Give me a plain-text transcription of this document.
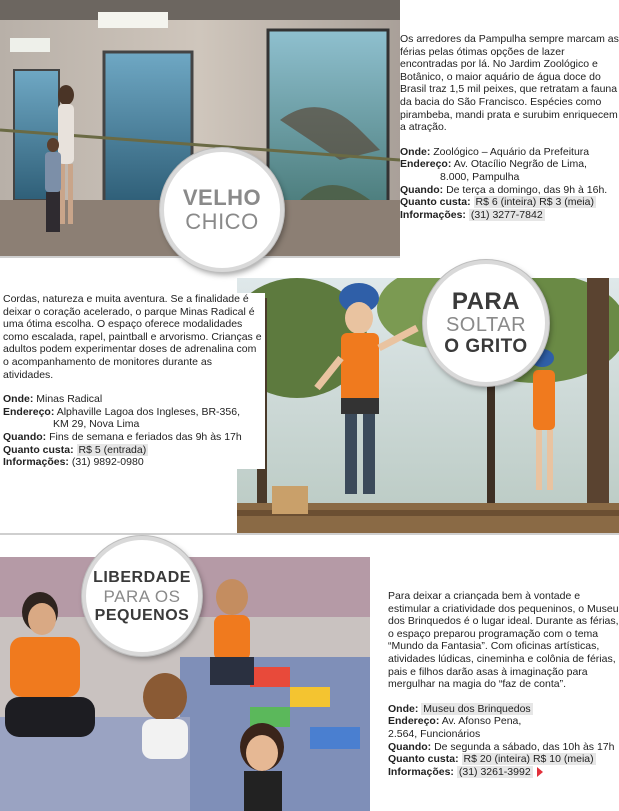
Os arredores da Pampulha sempre marcam as férias pelas ótimas opções de lazer encontradas por lá. No Jardim Zoológico e Botânico, o maior aquário de água doce do Brasil traz 1,5 mil peixes, que retratam a fauna da bacia do São Francisco. Espécies como pirambeba, mandi prata e surubim enriquecem a atração.

Onde: Zoológico – Aquário da Prefeitura
Endereço: Av. Otacílio Negrão de Lima,
8.000, Pampulha
Quando: De terça a domingo, das 9h à 16h.
Quanto custa: R$ 6 (inteira) R$ 3 (meia)
Informações: (31) 3277-7842
VELHO
CHICO

Cordas, natureza e muita aventura. Se a finalidade é deixar o coração acelerado, o parque Minas Radical é uma ótima escolha. O espaço oferece modalidades como escalada, rapel, paintball e arvorismo. Crianças e adultos podem experimentar doses de adrenalina com o acompanhamento de monitores durante as atividades.

Onde: Minas Radical
Endereço: Alphaville Lagoa dos Ingleses, BR-356,
KM 29, Nova Lima
Quando: Fins de semana e feriados das 9h às 17h
Quanto custa: R$ 5 (entrada)
Informações: (31) 9892-0980
PARA
SOLTAR
O GRITO

Para deixar a criançada bem à vontade e estimular a criatividade dos pequeninos, o Museu dos Brinquedos é o lugar ideal. Durante as férias, o espaço preparou programação com o tema “Mundo da Fantasia”. Com oficinas artísticas, atividades lúdicas, cineminha e colônia de férias, pais e filhos darão asas à imaginação para mergulhar na magia do “faz de conta”.

Onde: Museu dos Brinquedos
Endereço: Av. Afonso Pena,
2.564, Funcionários
Quando: De segunda a sábado, das 10h às 17h
Quanto custa: R$ 20 (inteira) R$ 10 (meia)
Informações: (31) 3261-3992
LIBERDADE
PARA OS
PEQUENOS
